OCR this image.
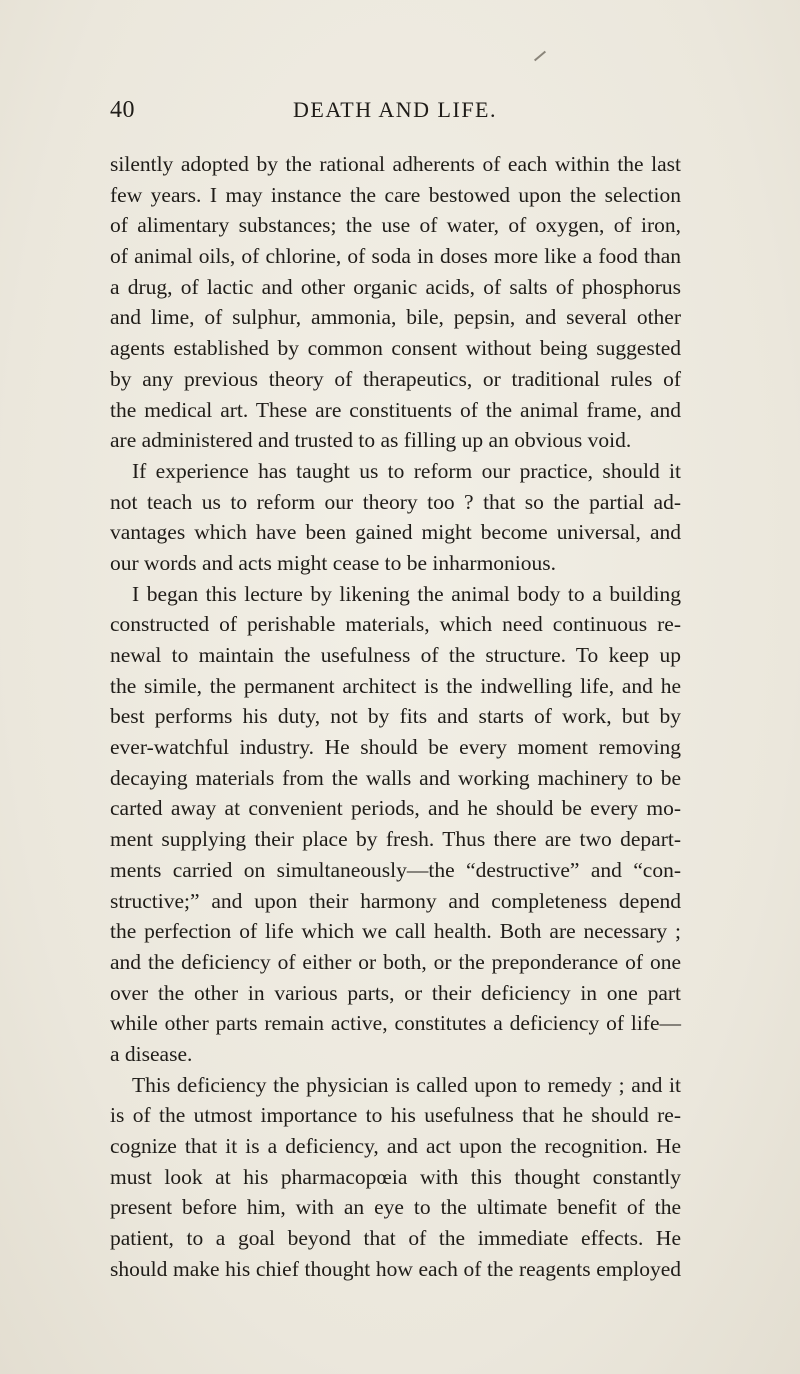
40	DEATH AND LIFE.
silently adopted by the rational adherents of each within the last
few years. I may instance the care bestowed upon the selection
of alimentary substances; the use of water, of oxygen, of iron,
of animal oils, of chlorine, of soda in doses more like a food than
a drug, of lactic and other organic acids, of salts of phosphorus
and lime, of sulphur, ammonia, bile, pepsin, and several other
agents established by common consent without being suggested
by any previous theory of therapeutics, or traditional rules of
the medical art. These are constituents of the animal frame, and
are administered and trusted to as filling up an obvious void.
If experience has taught us to reform our practice, should it
not teach us to reform our theory too ? that so the partial ad-
vantages which have been gained might become universal, and
our words and acts might cease to be inharmonious.
I began this lecture by likening the animal body to a building
constructed of perishable materials, which need continuous re-
newal to maintain the usefulness of the structure. To keep up
the simile, the permanent architect is the indwelling life, and he
best performs his duty, not by fits and starts of work, but by
ever-watchful industry. He should be every moment removing
decaying materials from the walls and working machinery to be
carted away at convenient periods, and he should be every mo-
ment supplying their place by fresh. Thus there are two depart-
ments carried on simultaneously—the “destructive” and “con-
structive;” and upon their harmony and completeness depend
the perfection of life which we call health. Both are necessary ;
and the deficiency of either or both, or the preponderance of one
over the other in various parts, or their deficiency in one part
while other parts remain active, constitutes a deficiency of life—
a disease.
This deficiency the physician is called upon to remedy ; and it
is of the utmost importance to his usefulness that he should re-
cognize that it is a deficiency, and act upon the recognition. He
must look at his pharmacopœia with this thought constantly
present before him, with an eye to the ultimate benefit of the
patient, to a goal beyond that of the immediate effects. He
should make his chief thought how each of the reagents employed
